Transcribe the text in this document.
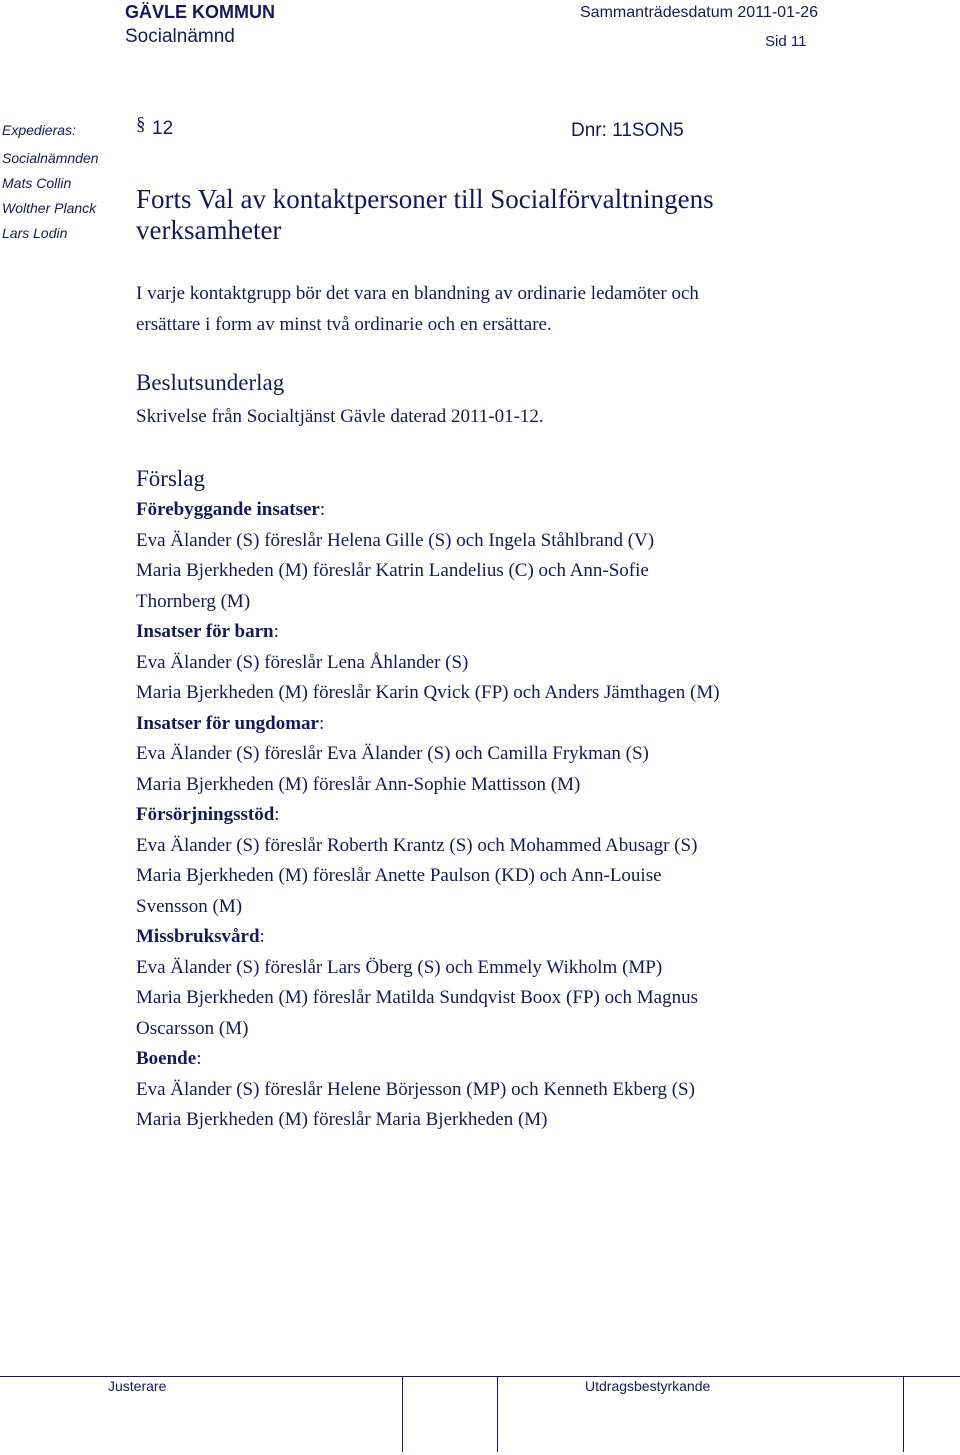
GÄVLE KOMMUN
Socialnämnd
Sammanträdesdatum 2011-01-26
Sid 11
Expedieras:
Socialnämnden
Mats Collin
Wolther Planck
Lars Lodin
§ 12	Dnr: 11SON5
Forts Val av kontaktpersoner till Socialförvaltningens verksamheter
I varje kontaktgrupp bör det vara en blandning av ordinarie ledamöter och
ersättare i form av minst två ordinarie och en ersättare.
Beslutsunderlag
Skrivelse från Socialtjänst Gävle daterad 2011-01-12.
Förslag
Förebyggande insatser:
Eva Älander (S) föreslår Helena Gille (S) och Ingela Ståhlbrand (V)
Maria Bjerkheden (M) föreslår Katrin Landelius (C) och Ann-Sofie
Thornberg (M)
Insatser för barn:
Eva Älander (S) föreslår Lena Åhlander (S)
Maria Bjerkheden (M) föreslår Karin Qvick (FP) och Anders Jämthagen (M)
Insatser för ungdomar:
Eva Älander (S) föreslår Eva Älander (S) och Camilla Frykman (S)
Maria Bjerkheden (M) föreslår Ann-Sophie Mattisson (M)
Försörjningsstöd:
Eva Älander (S) föreslår Roberth Krantz (S) och Mohammed Abusagr (S)
Maria Bjerkheden (M) föreslår Anette Paulson (KD) och Ann-Louise
Svensson (M)
Missbruksvård:
Eva Älander (S) föreslår Lars Öberg (S) och Emmely Wikholm (MP)
Maria Bjerkheden (M) föreslår Matilda Sundqvist Boox (FP) och Magnus
Oscarsson (M)
Boende:
Eva Älander (S) föreslår Helene Börjesson (MP) och Kenneth Ekberg (S)
Maria Bjerkheden (M) föreslår Maria Bjerkheden (M)
Justerare	Utdragsbestyrkande
